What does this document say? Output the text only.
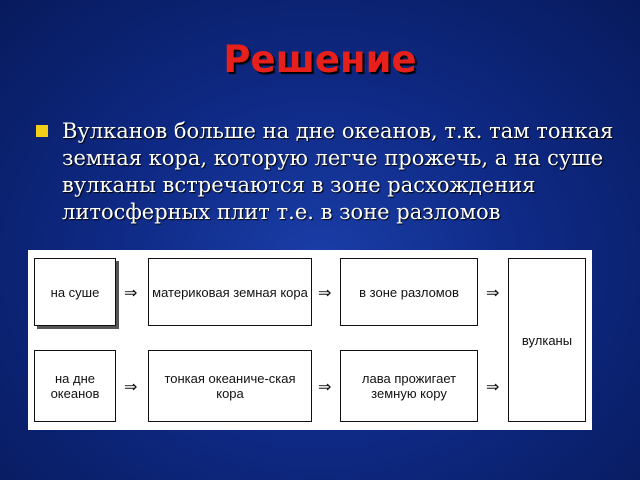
Решение
Вулканов больше на дне океанов, т.к. там тонкая земная кора, которую легче прожечь, а на суше вулканы встречаются в зоне расхождения литосферных плит т.е. в зоне разломов
на суше	⇒	материковая земная кора ⇒	в зоне разломов	⇒
на дне океанов	⇒
тонкая океаниче-ская кора	⇒
лава прожигает земную кору	⇒
вулканы
